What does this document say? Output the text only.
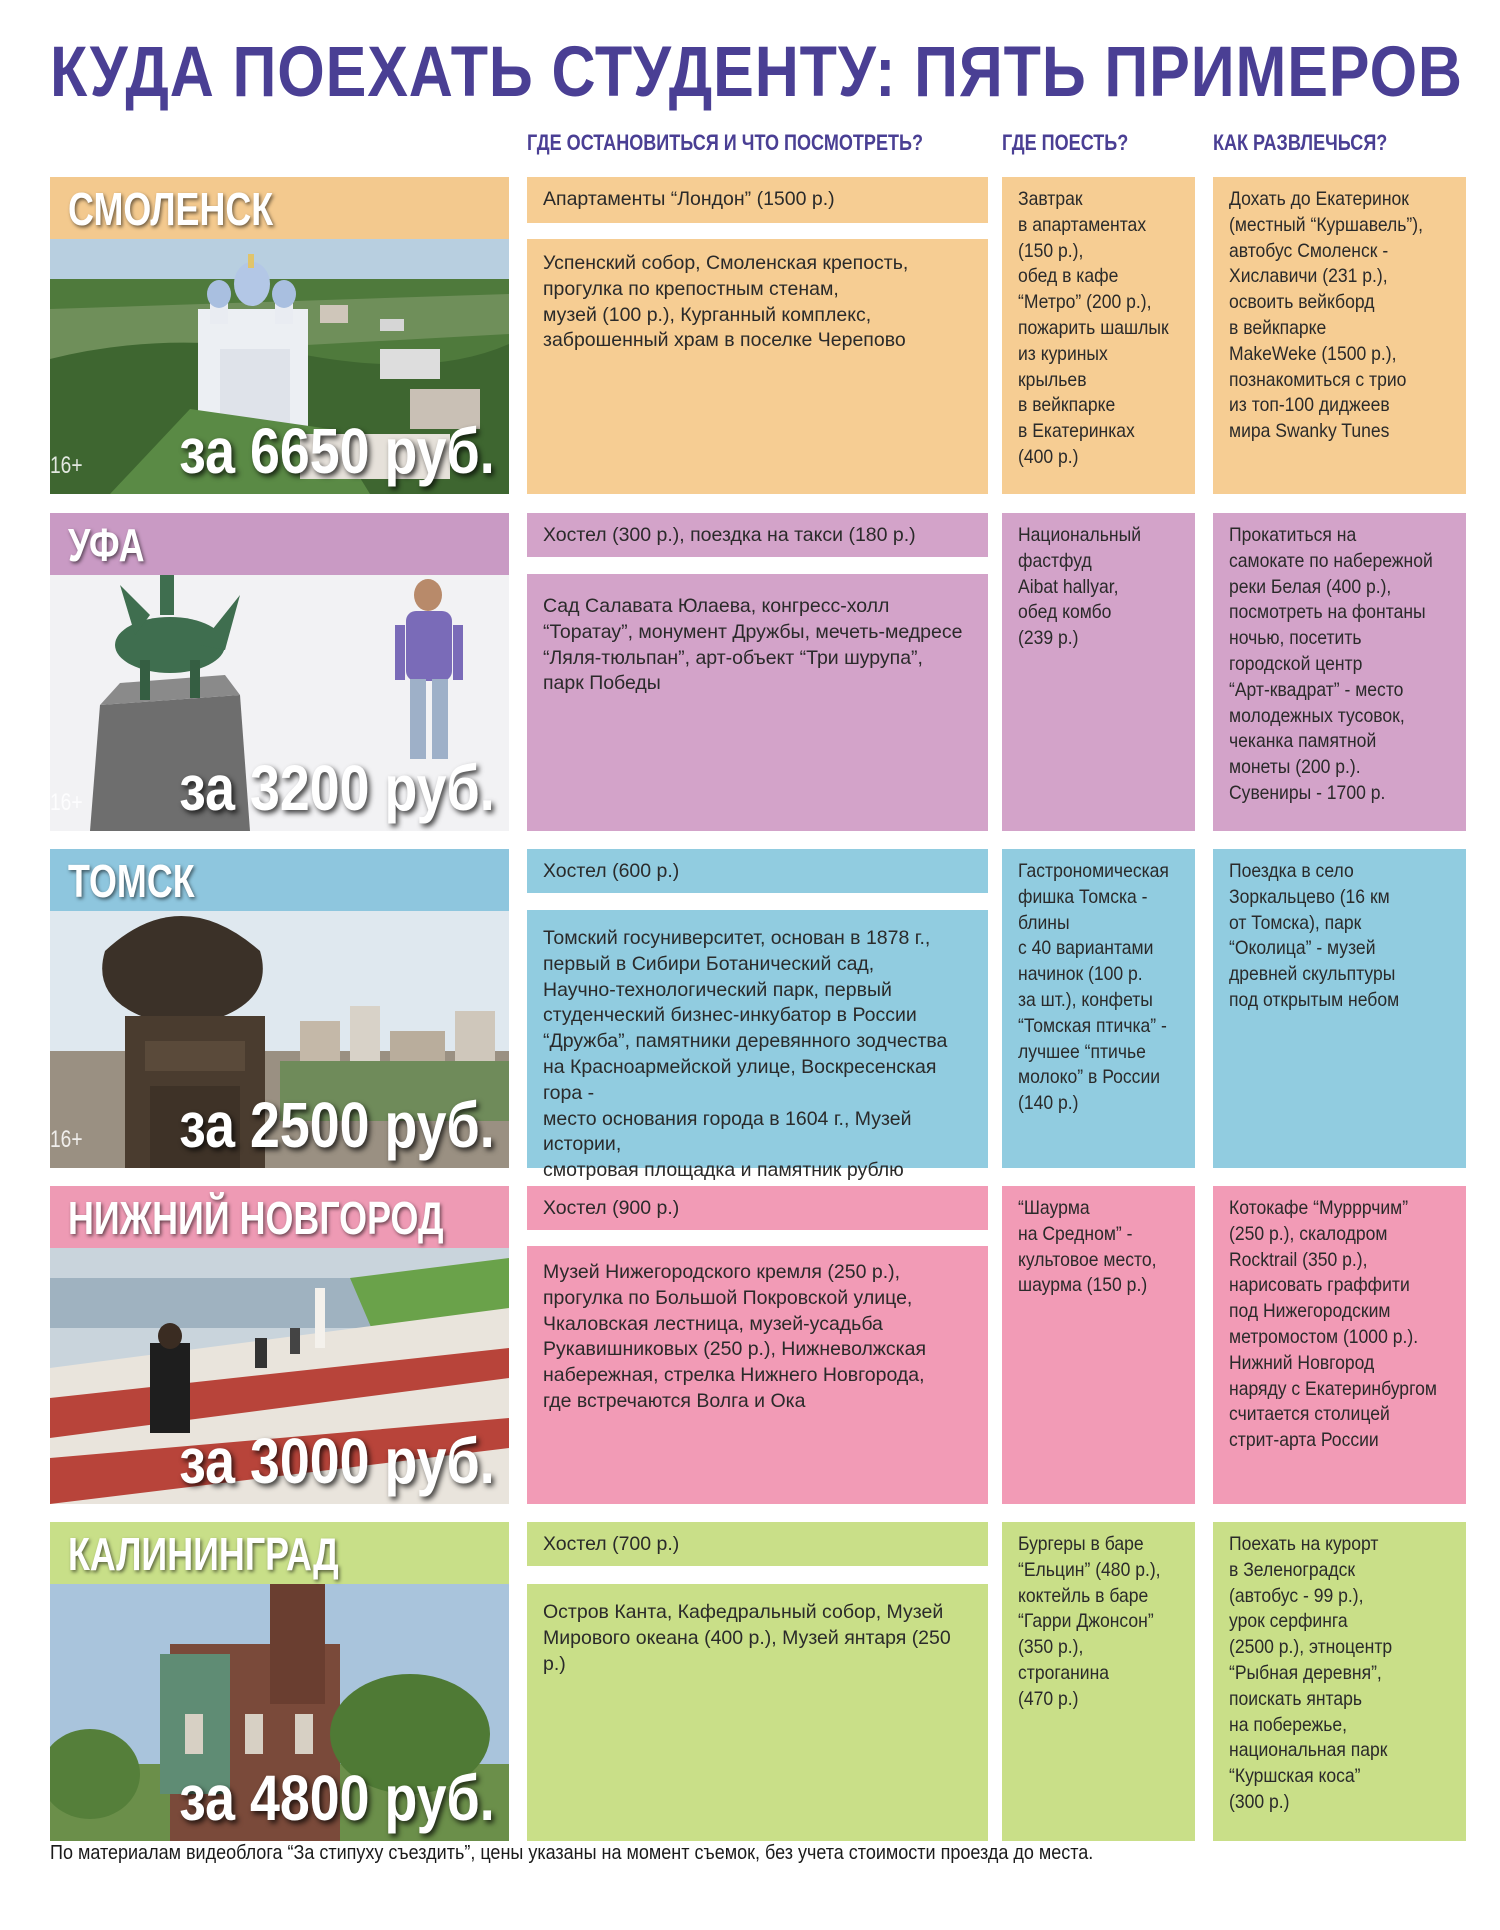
КУДА ПОЕХАТЬ СТУДЕНТУ: ПЯТЬ ПРИМЕРОВ
ГДЕ ОСТАНОВИТЬСЯ И ЧТО ПОСМОТРЕТЬ?	ГДЕ ПОЕСТЬ?	КАК РАЗВЛЕЧЬСЯ?
СМОЛЕНСК
16+ за 6650 руб.
Апартаменты “Лондон” (1500 р.)
Успенский собор, Смоленская крепость,
прогулка по крепостным стенам,
музей (100 р.), Курганный комплекс,
заброшенный храм в поселке Черепово
Завтрак
в апартаментах
(150 р.),
обед в кафе
“Метро” (200 р.),
пожарить шашлык
из куриных
крыльев
в вейкпарке
в Екатеринках
(400 р.)
Дохать до Екатеринок
(местный “Куршавель”),
автобус Смоленск -
Хиславичи (231 р.),
освоить вейкборд
в вейкпарке
MakeWeke (1500 р.),
познакомиться с трио
из топ-100 диджеев
мира Swanky Tunes
УФА
16+ за 3200 руб.
Хостел (300 р.), поездка на такси (180 р.)
Сад Салавата Юлаева, конгресс-холл
“Торатау”, монумент Дружбы, мечеть-медресе
“Ляля-тюльпан”, арт-объект “Три шурупа”,
парк Победы
Национальный
фастфуд
Aibat hallyar,
обед комбо
(239 р.)
Прокатиться на
самокате по набережной
реки Белая (400 р.),
посмотреть на фонтаны
ночью, посетить
городской центр
“Арт-квадрат” - место
молодежных тусовок,
чеканка памятной
монеты (200 р.).
Сувениры - 1700 р.
ТОМСК
16+ за 2500 руб.
Хостел (600 р.)
Томский госуниверситет, основан в 1878 г.,
первый в Сибири Ботанический сад,
Научно-технологический парк, первый
студенческий бизнес-инкубатор в России
“Дружба”, памятники деревянного зодчества
на Красноармейской улице, Воскресенская гора -
место основания города в 1604 г., Музей истории,
смотровая площадка и памятник рублю
Гастрономическая
фишка Томска -
блины
с 40 вариантами
начинок (100 р.
за шт.), конфеты
“Томская птичка” -
лучшее “птичье
молоко” в России
(140 р.)
Поездка в село
Зоркальцево (16 км
от Томска), парк
“Околица” - музей
древней скульптуры
под открытым небом
НИЖНИЙ НОВГОРОД
за 3000 руб.
Хостел (900 р.)
Музей Нижегородского кремля (250 р.),
прогулка по Большой Покровской улице,
Чкаловская лестница, музей-усадьба
Рукавишниковых (250 р.), Нижневолжская
набережная, стрелка Нижнего Новгорода,
где встречаются Волга и Ока
“Шаурма
на Средном” -
культовое место,
шаурма (150 р.)
Котокафе “Мурррчим”
(250 р.), скалодром
Rocktrail (350 р.),
нарисовать граффити
под Нижегородским
метромостом (1000 р.).
Нижний Новгород
наряду с Екатеринбургом
считается столицей
стрит-арта России
КАЛИНИНГРАД
за 4800 руб.
Хостел (700 р.)
Остров Канта, Кафедральный собор, Музей
Мирового океана (400 р.), Музей янтаря (250 р.)
Бургеры в баре
“Ельцин” (480 р.),
коктейль в баре
“Гарри Джонсон”
(350 р.),
строганина
(470 р.)
Поехать на курорт
в Зеленоградск
(автобус - 99 р.),
урок серфинга
(2500 р.), этноцентр
“Рыбная деревня”,
поискать янтарь
на побережье,
национальная парк
“Куршская коса”
(300 р.)
По материалам видеоблога “За стипуху съездить”, цены указаны на момент съемок, без учета стоимости проезда до места.
